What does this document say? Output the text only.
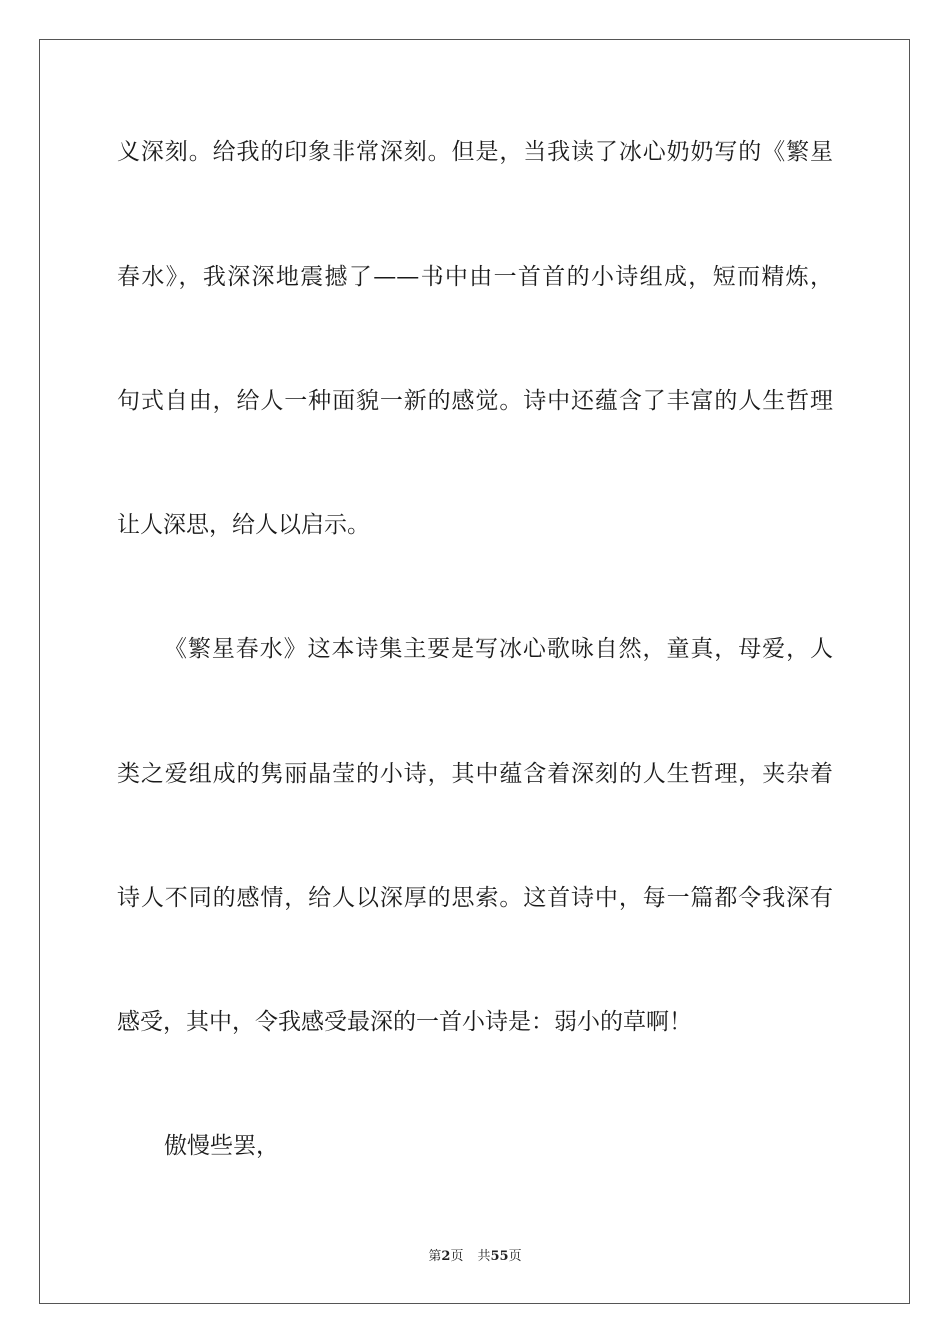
义深刻。给我的印象非常深刻。但是，当我读了冰心奶奶写的《繁星
春水》，我深深地震撼了——书中由一首首的小诗组成，短而精炼，
句式自由，给人一种面貌一新的感觉。诗中还蕴含了丰富的人生哲理
让人深思，给人以启示。
《繁星春水》这本诗集主要是写冰心歌咏自然，童真，母爱，人
类之爱组成的隽丽晶莹的小诗，其中蕴含着深刻的人生哲理，夹杂着
诗人不同的感情，给人以深厚的思索。这首诗中，每一篇都令我深有
感受，其中，令我感受最深的一首小诗是：弱小的草啊！
傲慢些罢，
第2页 共55页
